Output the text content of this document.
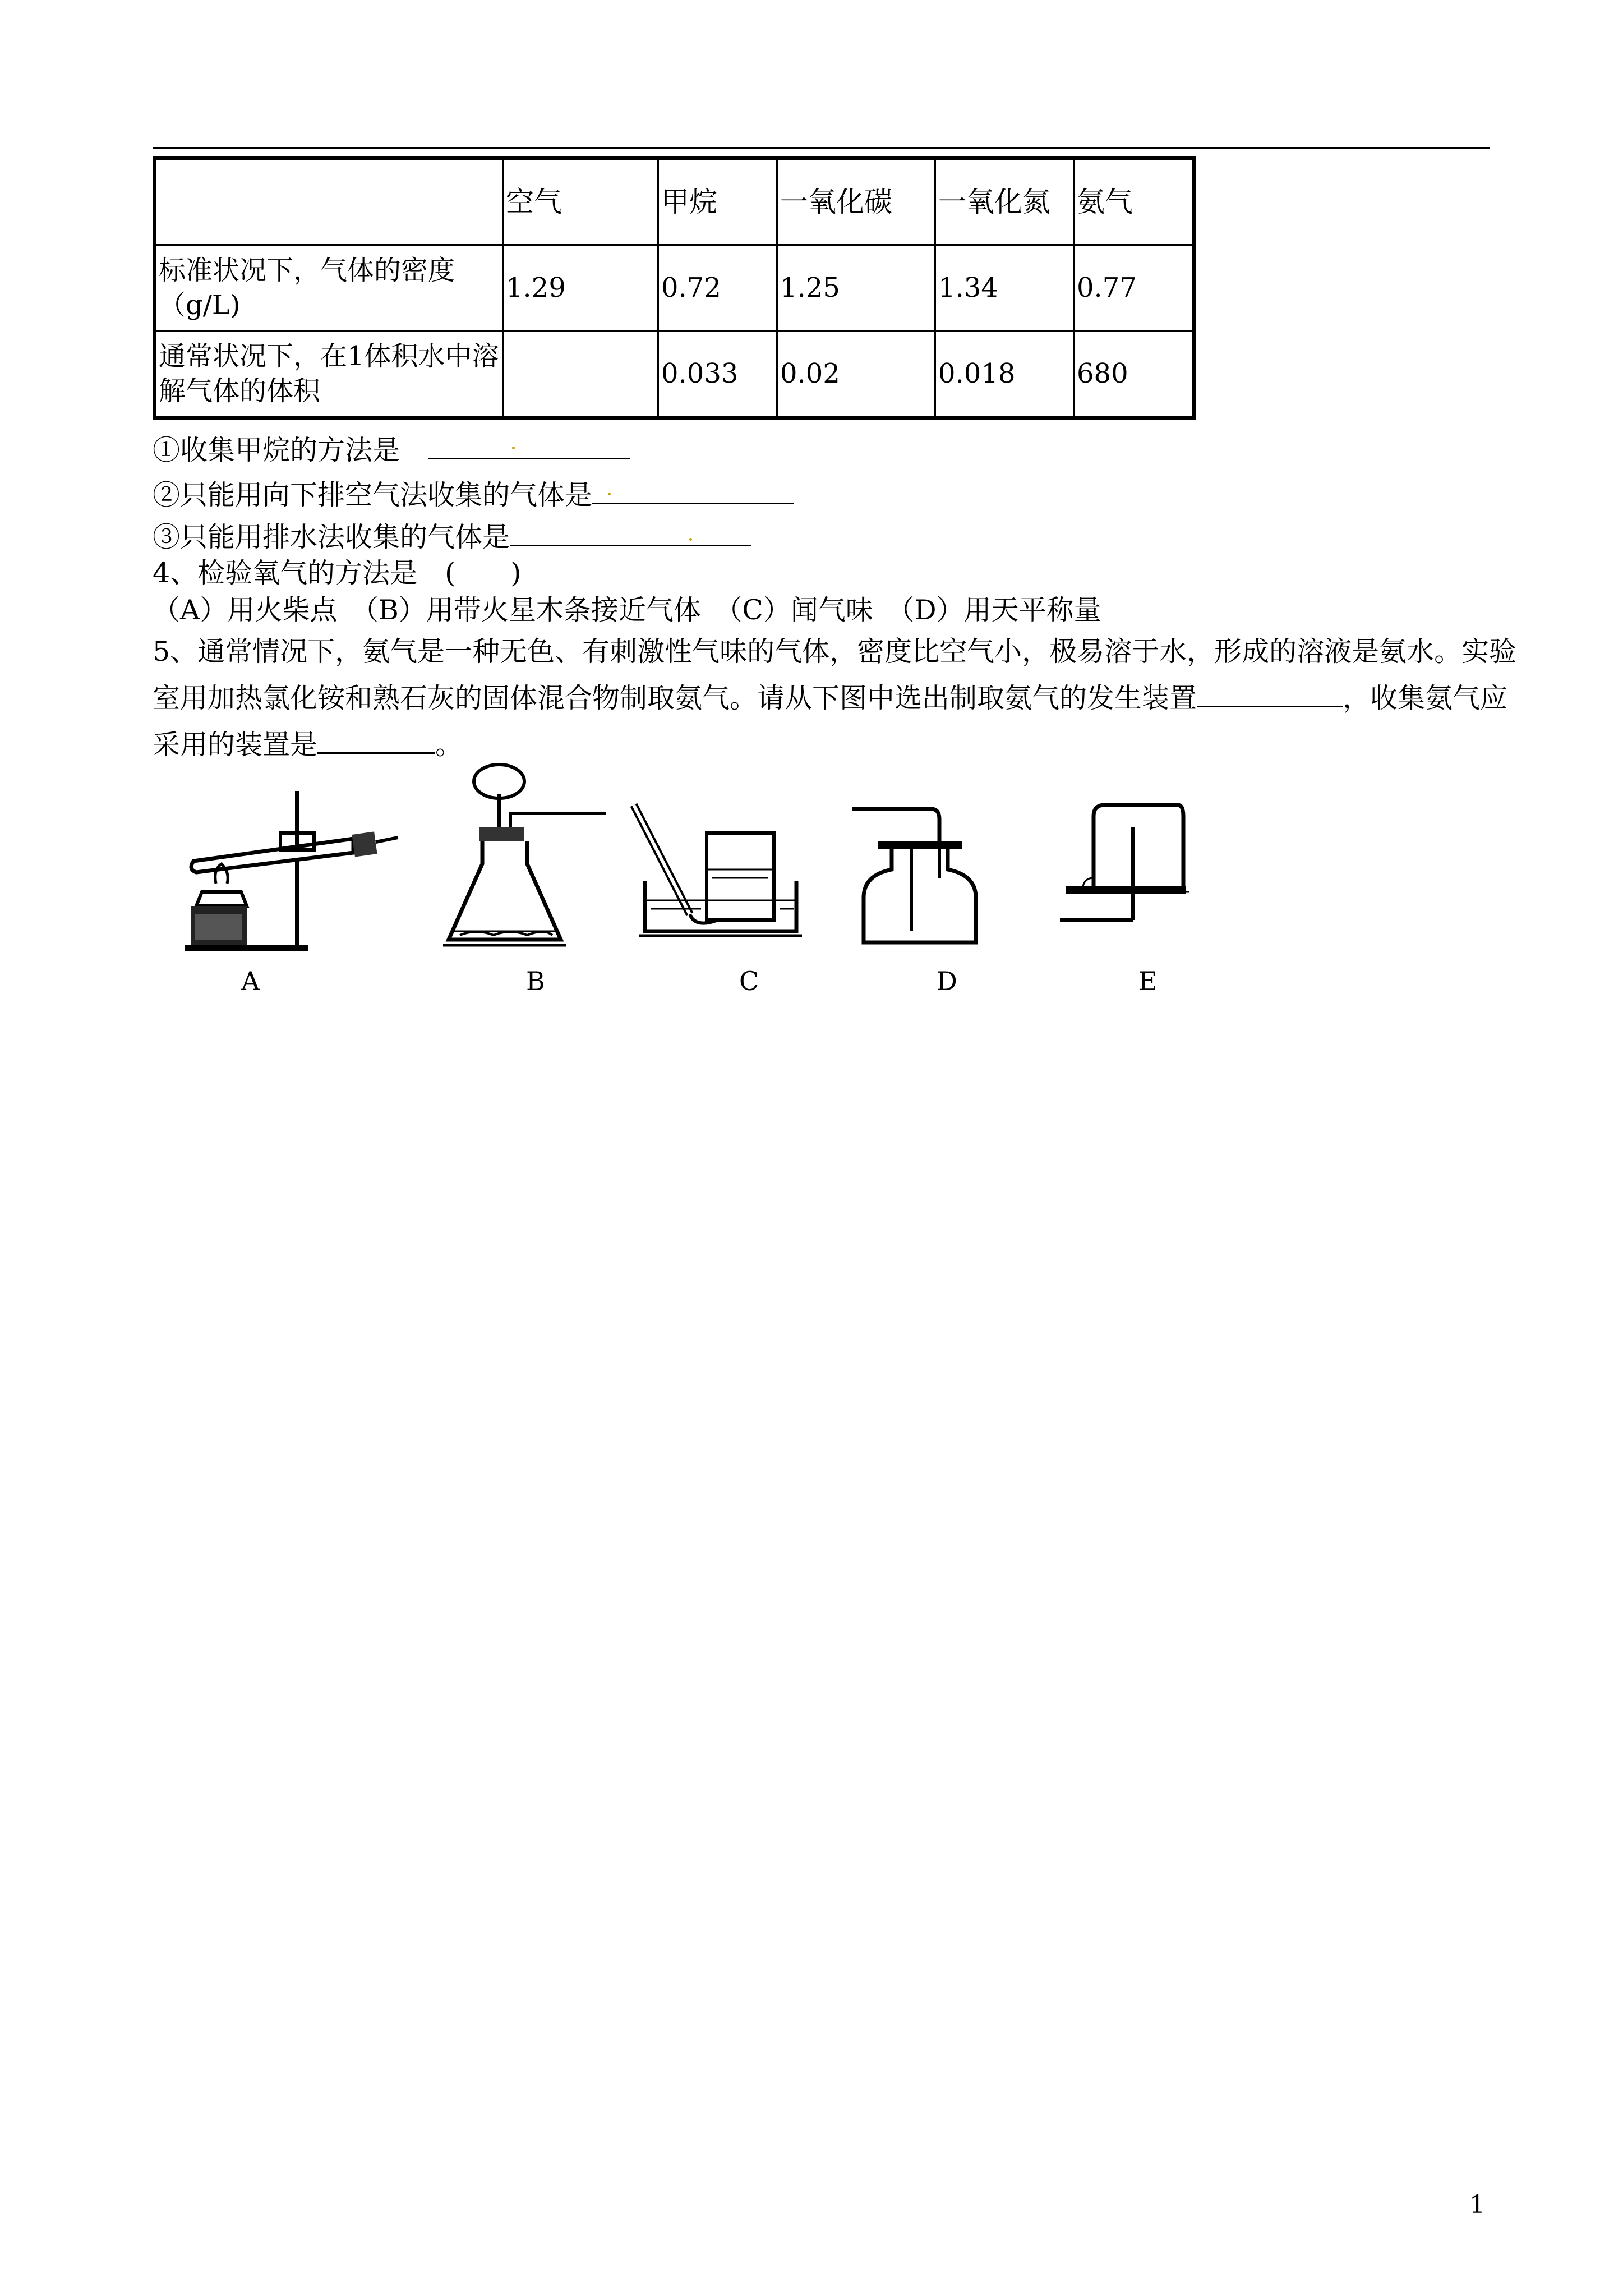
	空气	甲烷	一氧化碳	一氧化氮	氨气
标准状况下，气体的密度（g/L)	1.29	0.72	1.25	1.34	0.77
通常状况下，在1体积水中溶解气体的体积		0.033	0.02	0.018	680
①收集甲烷的方法是
②只能用向下排空气法收集的气体是
③只能用排水法收集的气体是
4、检验氧气的方法是　(　　)
（A）用火柴点　（B）用带火星木条接近气体　（C）闻气味　（D）用天平称量
5、通常情况下，氨气是一种无色、有刺激性气味的气体，密度比空气小，极易溶于水，形成的溶液是氨水。实验室用加热氯化铵和熟石灰的固体混合物制取氨气。请从下图中选出制取氨气的发生装置	，收集氨气应采用的装置是	。
A	B	C	D	E
1
